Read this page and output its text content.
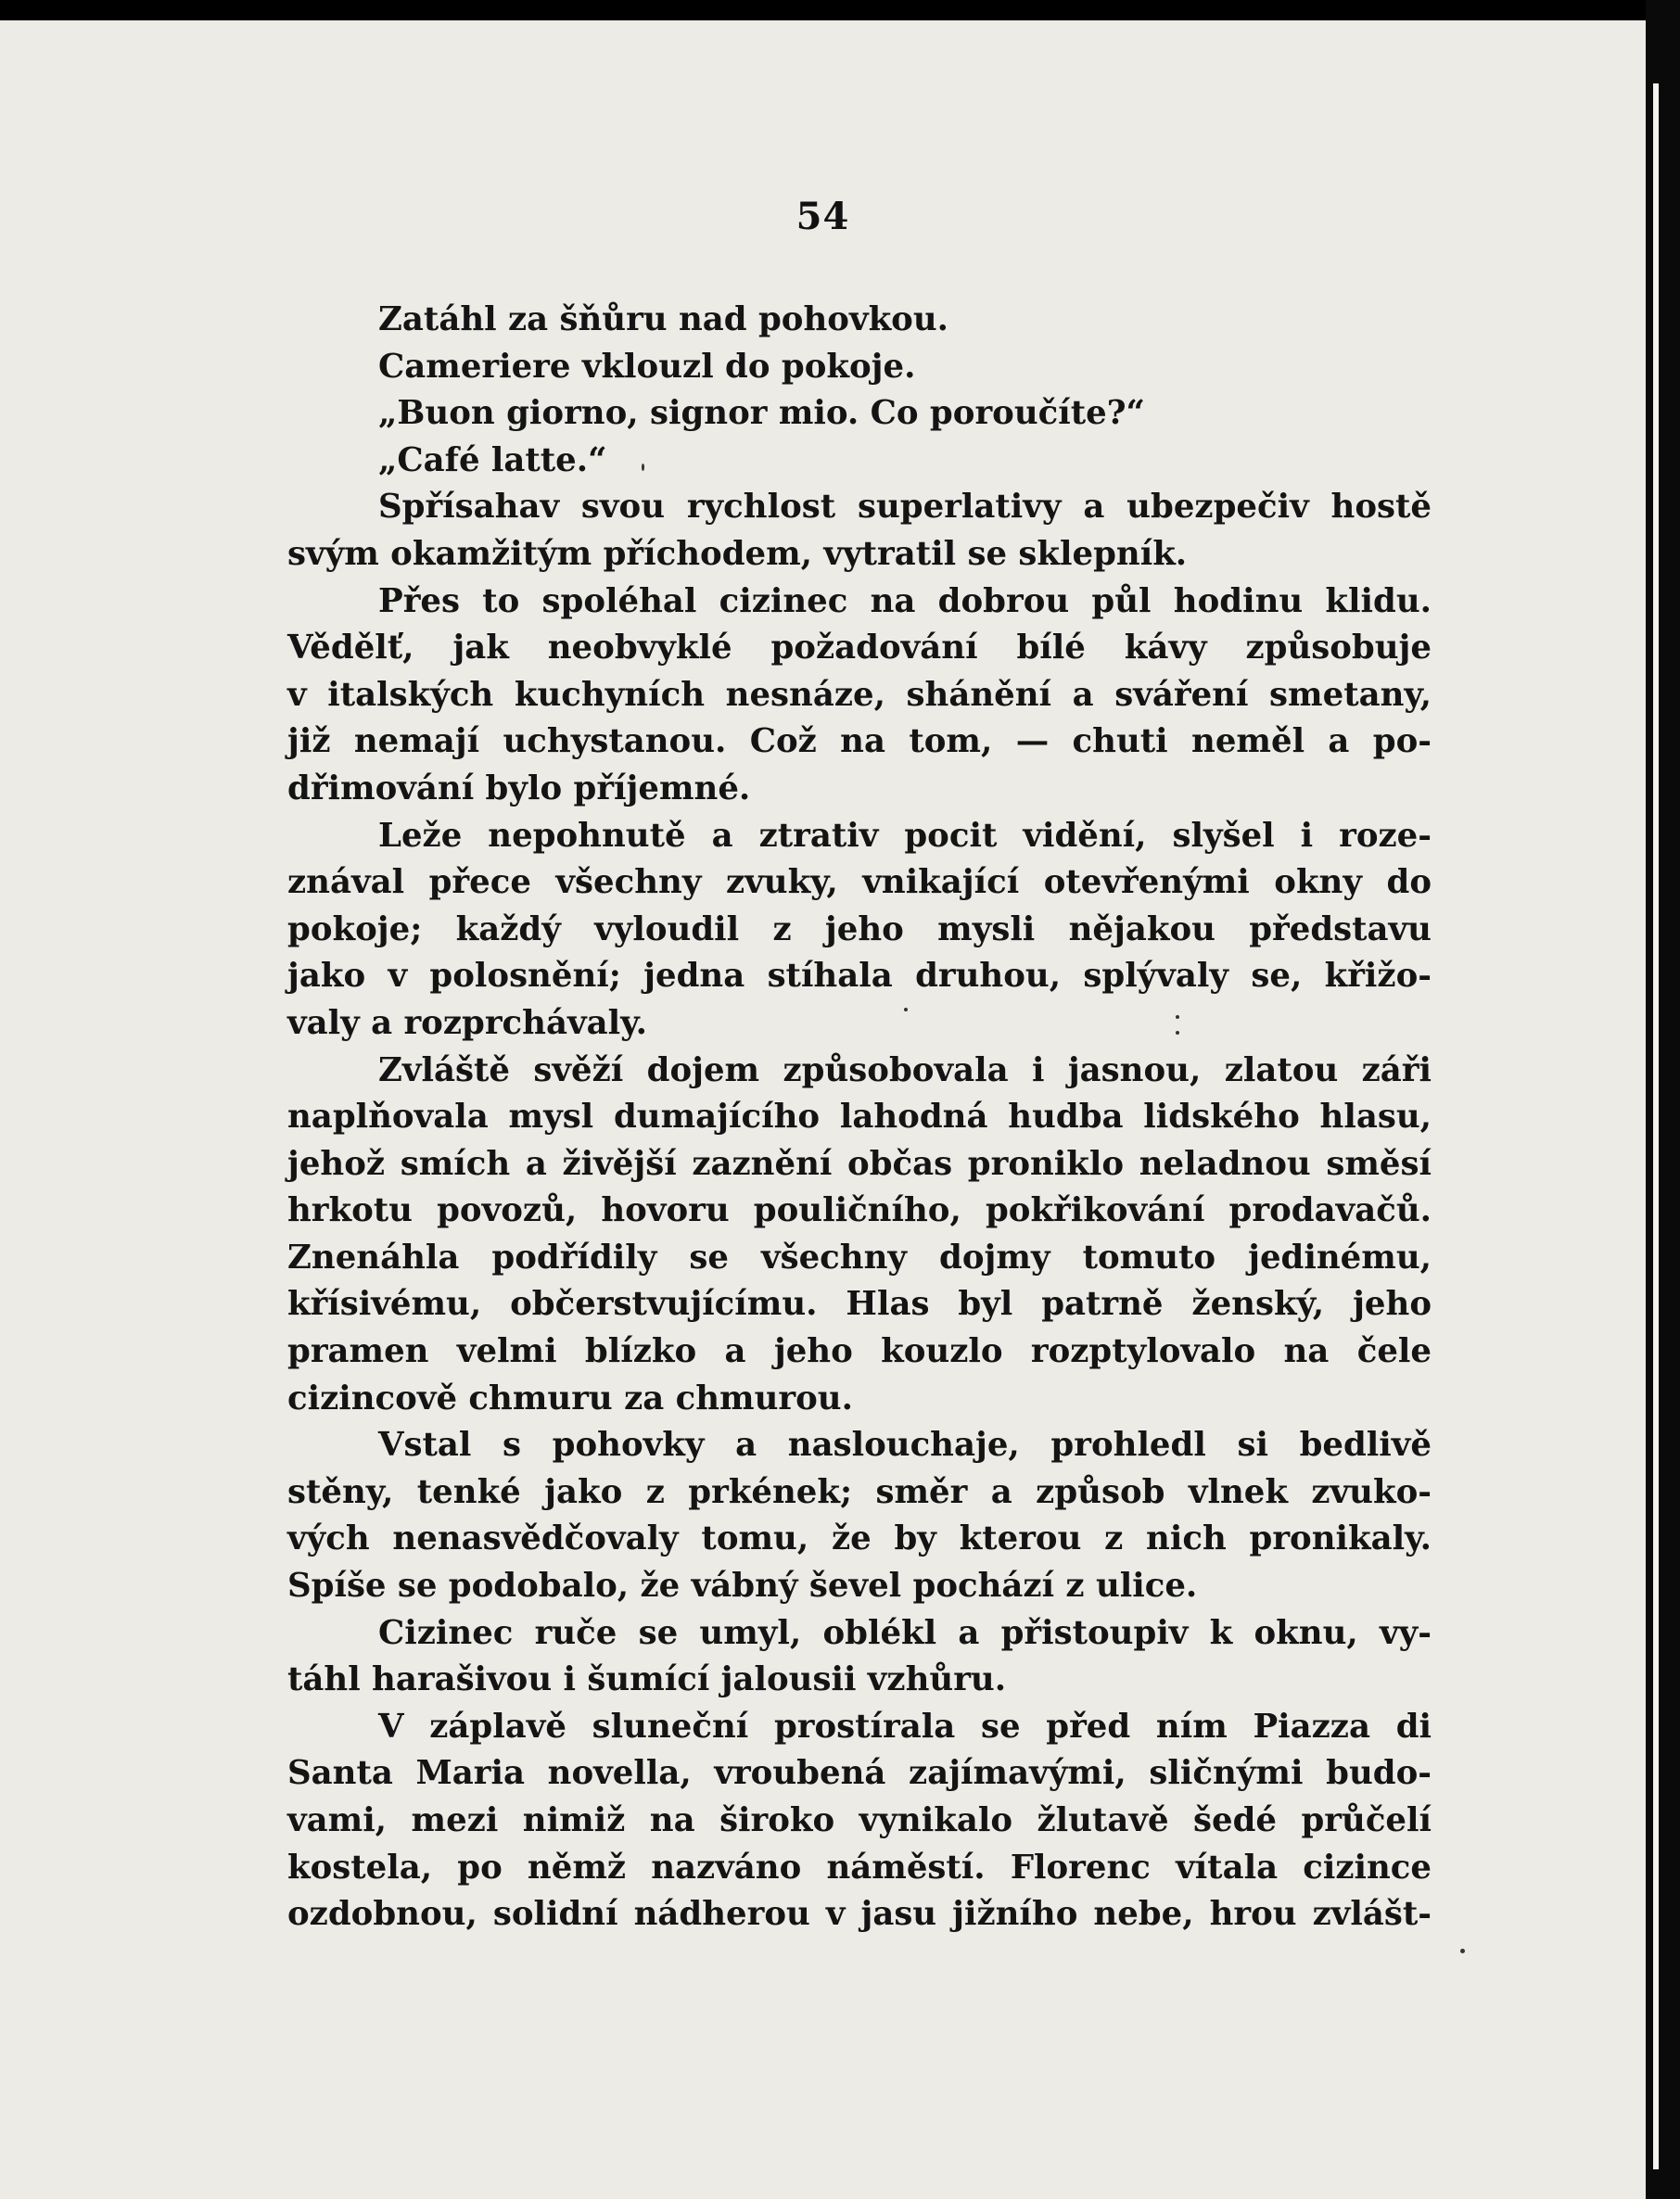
54
Zatáhl za šňůru nad pohovkou.
Cameriere vklouzl do pokoje.
„Buon giorno, signor mio. Co poroučíte?“
„Café latte.“
Spřísahav svou rychlost superlativy a ubezpečiv hostě
svým okamžitým příchodem, vytratil se sklepník.
Přes to spoléhal cizinec na dobrou půl hodinu klidu.
Vědělť, jak neobvyklé požadování bílé kávy způsobuje
v italských kuchyních nesnáze, shánění a sváření smetany,
již nemají uchystanou. Což na tom, — chuti neměl a po-
dřimování bylo příjemné.
Leže nepohnutě a ztrativ pocit vidění, slyšel i roze-
znával přece všechny zvuky, vnikající otevřenými okny do
pokoje; každý vyloudil z jeho mysli nějakou představu
jako v polosnění; jedna stíhala druhou, splývaly se, křižo-
valy a rozprchávaly.
Zvláště svěží dojem způsobovala i jasnou, zlatou záři
naplňovala mysl dumajícího lahodná hudba lidského hlasu,
jehož smích a živější zaznění občas proniklo neladnou směsí
hrkotu povozů, hovoru pouličního, pokřikování prodavačů.
Znenáhla podřídily se všechny dojmy tomuto jedinému,
křísivému, občerstvujícímu. Hlas byl patrně ženský, jeho
pramen velmi blízko a jeho kouzlo rozptylovalo na čele
cizincově chmuru za chmurou.
Vstal s pohovky a naslouchaje, prohledl si bedlivě
stěny, tenké jako z prkének; směr a způsob vlnek zvuko-
vých nenasvědčovaly tomu, že by kterou z nich pronikaly.
Spíše se podobalo, že vábný ševel pochází z ulice.
Cizinec ruče se umyl, oblékl a přistoupiv k oknu, vy-
táhl harašivou i šumící jalousii vzhůru.
V záplavě sluneční prostírala se před ním Piazza di
Santa Maria novella, vroubená zajímavými, sličnými budo-
vami, mezi nimiž na široko vynikalo žlutavě šedé průčelí
kostela, po němž nazváno náměstí. Florenc vítala cizince
ozdobnou, solidní nádherou v jasu jižního nebe, hrou zvlášt-
